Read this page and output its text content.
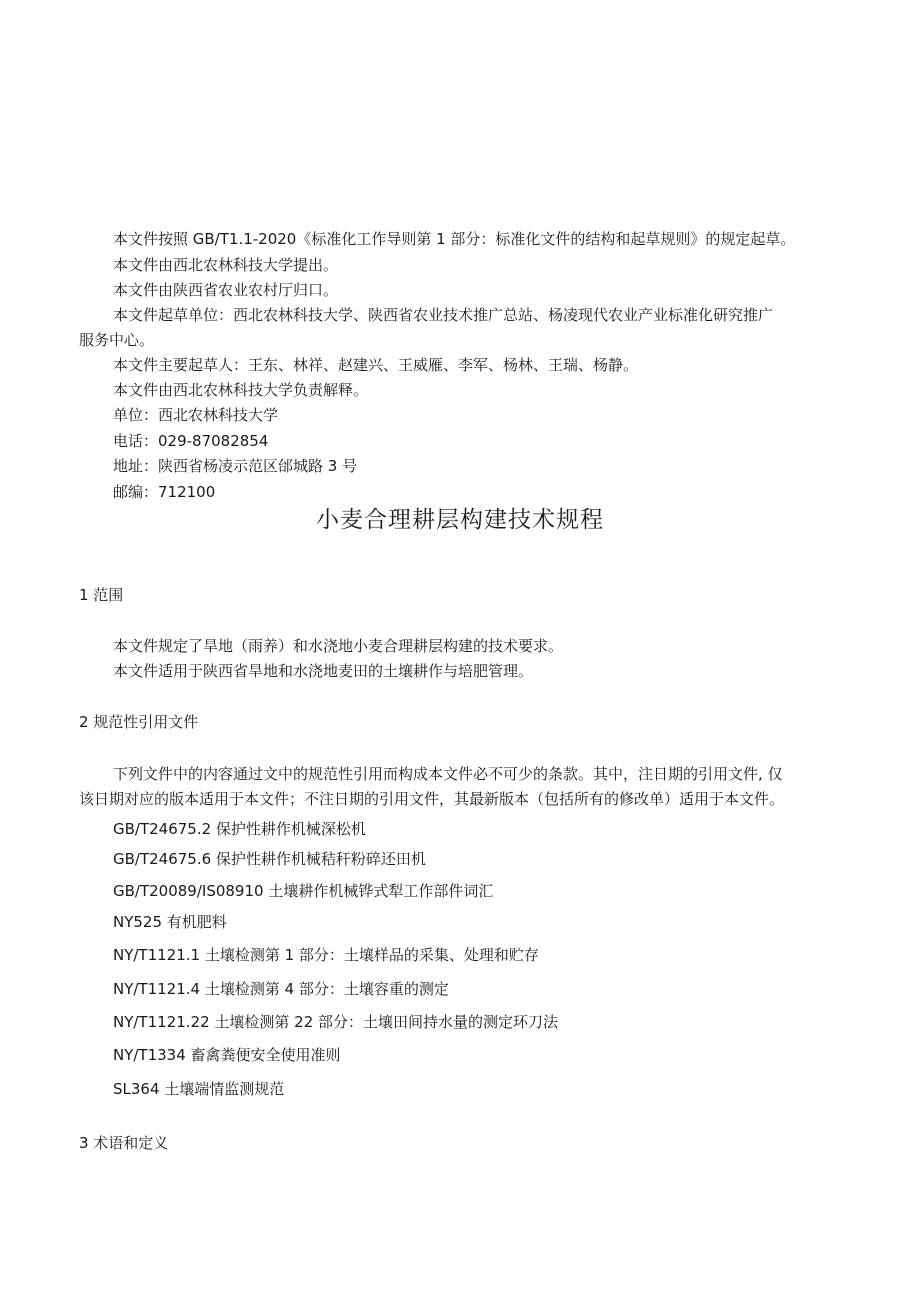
本文件按照 GB/T1.1-2020《标准化工作导则第 1 部分：标准化文件的结构和起草规则》的规定起草。
本文件由西北农林科技大学提出。
本文件由陕西省农业农村厅归口。
本文件起草单位：西北农林科技大学、陕西省农业技术推广总站、杨凌现代农业产业标准化研究推广
服务中心。
本文件主要起草人：王东、林祥、赵建兴、王威雁、李军、杨林、王瑞、杨静。
本文件由西北农林科技大学负责解释。
单位：西北农林科技大学
电话：029-87082854
地址：陕西省杨凌示范区邰城路 3 号
邮编：712100
小麦合理耕层构建技术规程
1 范围
本文件规定了旱地（雨养）和水浇地小麦合理耕层构建的技术要求。
本文件适用于陕西省旱地和水浇地麦田的土壤耕作与培肥管理。
2 规范性引用文件
下列文件中的内容通过文中的规范性引用而构成本文件必不可少的条款。其中，注日期的引用文件, 仅
该日期对应的版本适用于本文件；不注日期的引用文件，其最新版本（包括所有的修改单）适用于本文件。
GB/T24675.2 保护性耕作机械深松机
GB/T24675.6 保护性耕作机械秸秆粉碎还田机
GB/T20089/IS08910 土壤耕作机械铧式犁工作部件词汇
NY525 有机肥料
NY/T1121.1 土壤检测第 1 部分：土壤样品的采集、处理和贮存
NY/T1121.4 土壤检测第 4 部分：土壤容重的测定
NY/T1121.22 土壤检测第 22 部分：土壤田间持水量的测定环刀法
NY/T1334 畜禽粪便安全使用准则
SL364 土壤端情监测规范
3 术语和定义
